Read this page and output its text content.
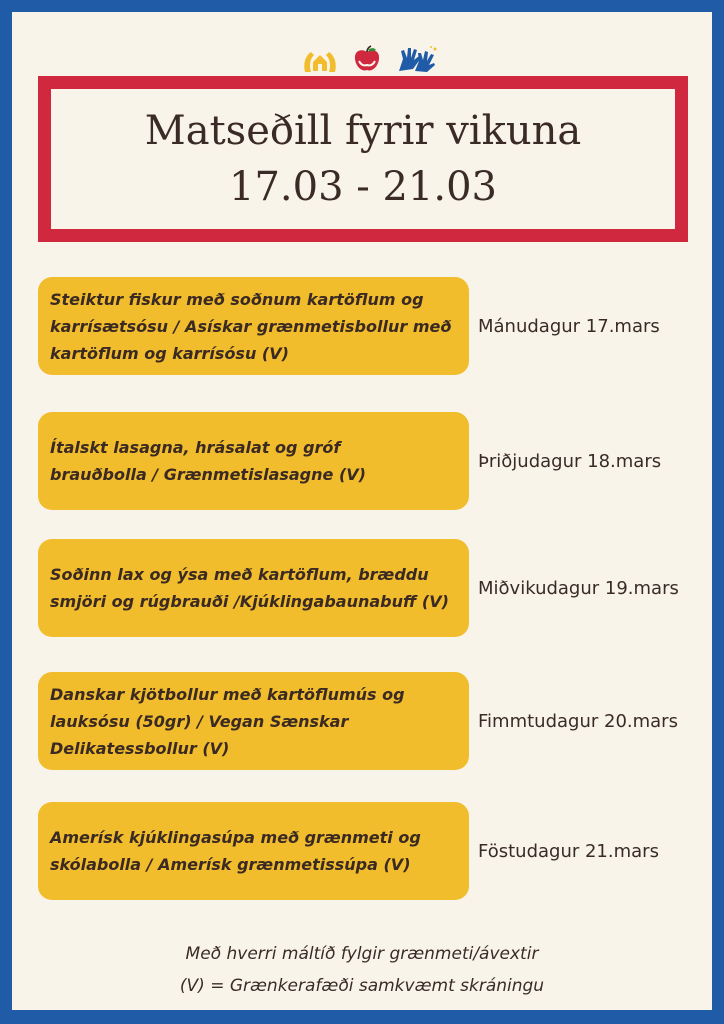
Matseðill fyrir vikuna
17.03 - 21.03
Steiktur fiskur með soðnum kartöflum og
karrísætsósu / Asískar grænmetisbollur með
kartöflum og karrísósu (V)
Mánudagur 17.mars
Ítalskt lasagna, hrásalat og gróf
brauðbolla / Grænmetislasagne (V)
Þriðjudagur 18.mars
Soðinn lax og ýsa með kartöflum, bræddu
smjöri og rúgbrauði /Kjúklingabaunabuff (V)
Miðvikudagur 19.mars
Danskar kjötbollur með kartöflumús og
lauksósu (50gr) / Vegan Sænskar
Delikatessbollur (V)
Fimmtudagur 20.mars
Amerísk kjúklingasúpa með grænmeti og
skólabolla / Amerísk grænmetissúpa (V)
Föstudagur 21.mars
Með hverri máltíð fylgir grænmeti/ávextir
(V) = Grænkerafæði samkvæmt skráningu
